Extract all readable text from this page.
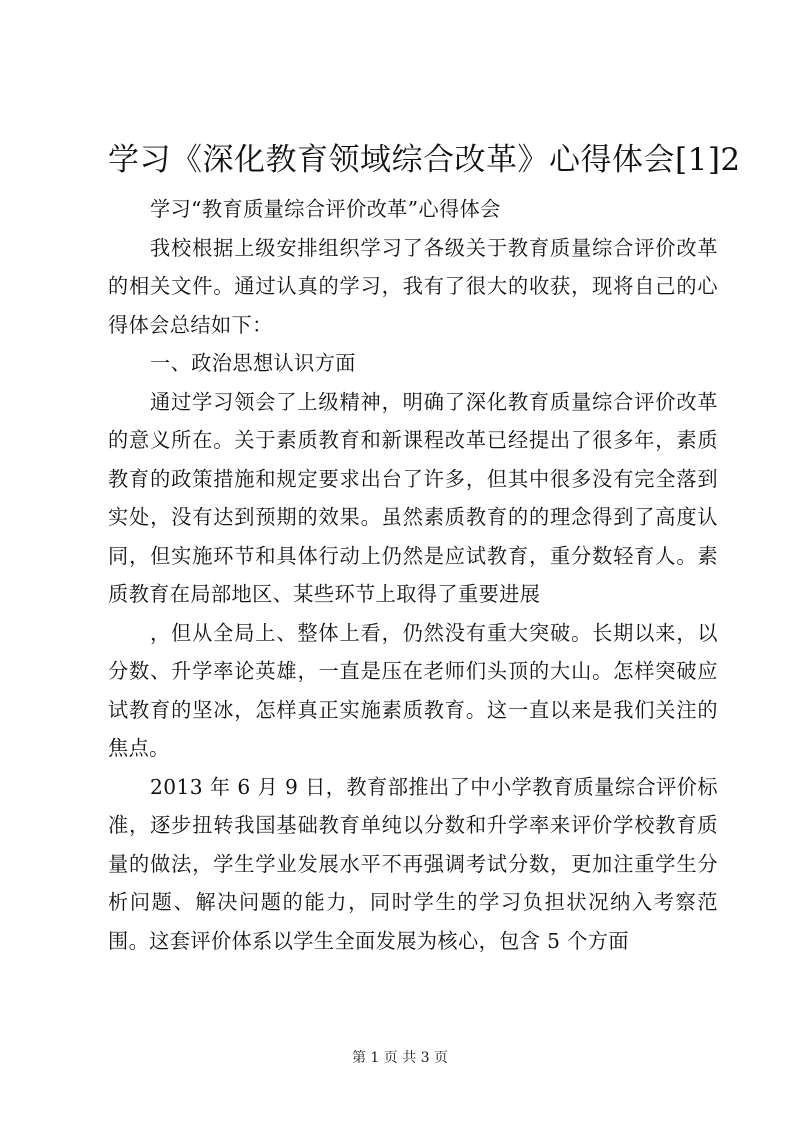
学习《深化教育领域综合改革》心得体会[1]2

学习“教育质量综合评价改革”心得体会

我校根据上级安排组织学习了各级关于教育质量综合评价改革的相关文件。通过认真的学习，我有了很大的收获，现将自己的心得体会总结如下：

一、政治思想认识方面

通过学习领会了上级精神，明确了深化教育质量综合评价改革的意义所在。关于素质教育和新课程改革已经提出了很多年，素质教育的政策措施和规定要求出台了许多，但其中很多没有完全落到实处，没有达到预期的效果。虽然素质教育的的理念得到了高度认同，但实施环节和具体行动上仍然是应试教育，重分数轻育人。素质教育在局部地区、某些环节上取得了重要进展

，但从全局上、整体上看，仍然没有重大突破。长期以来，以分数、升学率论英雄，一直是压在老师们头顶的大山。怎样突破应试教育的坚冰，怎样真正实施素质教育。这一直以来是我们关注的焦点。

2013 年 6 月 9 日，教育部推出了中小学教育质量综合评价标准，逐步扭转我国基础教育单纯以分数和升学率来评价学校教育质量的做法，学生学业发展水平不再强调考试分数，更加注重学生分析问题、解决问题的能力，同时学生的学习负担状况纳入考察范围。这套评价体系以学生全面发展为核心，包含 5 个方面

第 1 页 共 3 页
